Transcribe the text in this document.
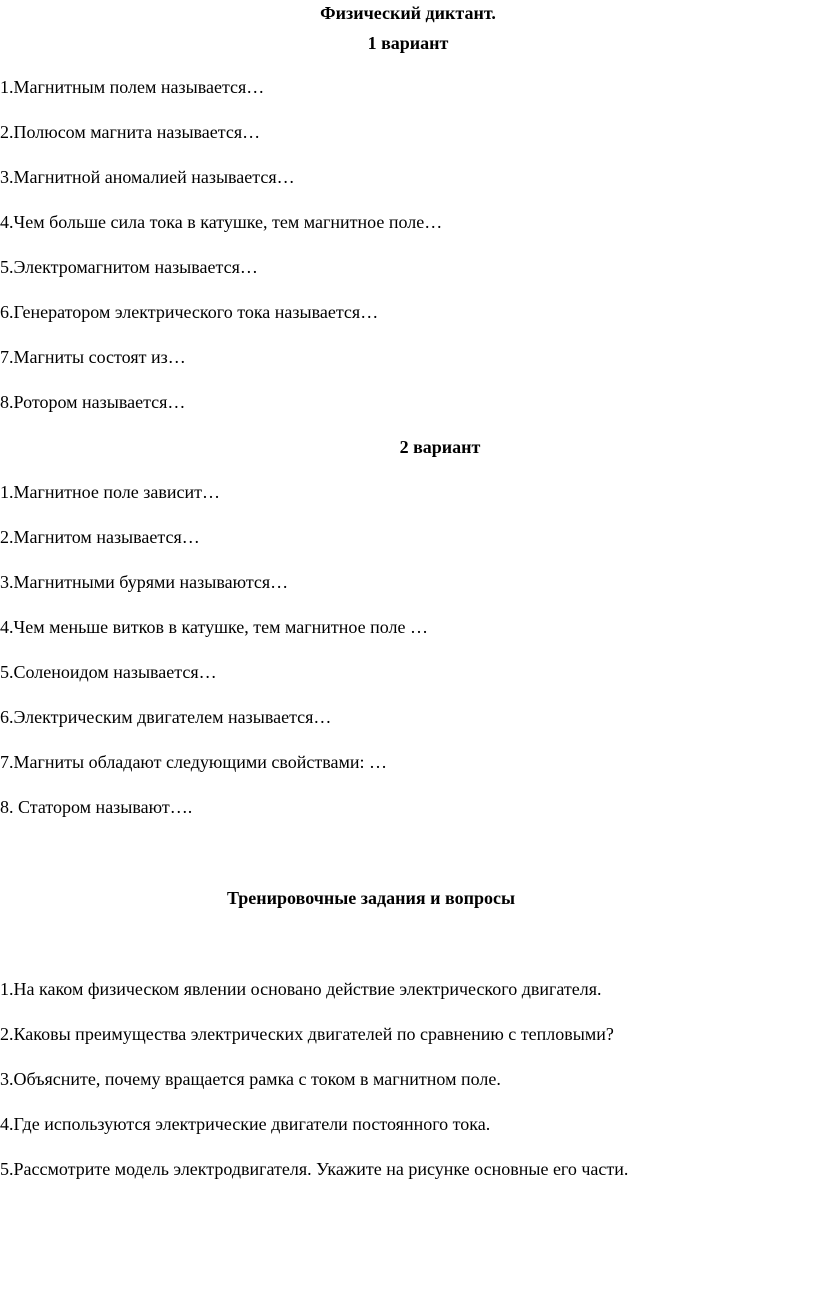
Физический диктант.
1 вариант
1.Магнитным полем называется…
2.Полюсом магнита называется…
3.Магнитной аномалией называется…
4.Чем больше сила тока в катушке, тем магнитное поле…
5.Электромагнитом называется…
6.Генератором электрического тока называется…
7.Магниты состоят из…
8.Ротором называется…
2 вариант
1.Магнитное поле зависит…
2.Магнитом называется…
3.Магнитными бурями называются…
4.Чем меньше витков в катушке, тем магнитное поле …
5.Соленоидом называется…
6.Электрическим двигателем называется…
7.Магниты обладают следующими свойствами: …
8. Статором называют….
Тренировочные задания и вопросы
1.На каком физическом явлении основано действие электрического двигателя.
2.Каковы преимущества электрических двигателей по сравнению с тепловыми?
3.Объясните, почему вращается рамка с током в магнитном поле.
4.Где используются электрические двигатели постоянного тока.
5.Рассмотрите модель электродвигателя. Укажите на рисунке основные его части.
